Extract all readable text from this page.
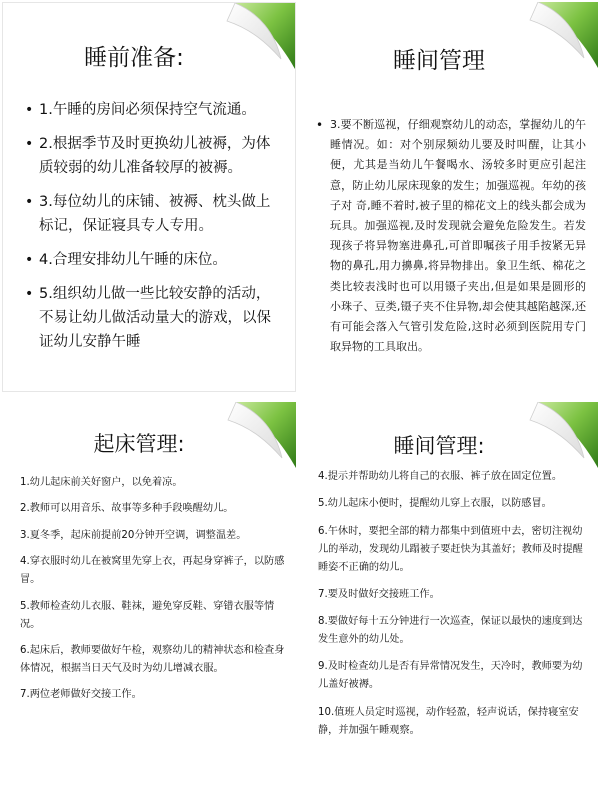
睡前准备:
• 1.午睡的房间必须保持空气流通。
• 2.根据季节及时更换幼儿被褥，为体质较弱的幼儿准备较厚的被褥。
• 3.每位幼儿的床铺、被褥、枕头做上标记，保证寝具专人专用。
• 4.合理安排幼儿午睡的床位。
• 5.组织幼儿做一些比较安静的活动，不易让幼儿做活动量大的游戏，以保证幼儿安静午睡
睡间管理

• 3.要不断巡视，仔细观察幼儿的动态，掌握幼儿的午睡情况。如：对个别尿频幼儿要及时叫醒，让其小便，尤其是当幼儿午餐喝水、汤较多时更应引起注意，防止幼儿尿床现象的发生；加强巡视。年幼的孩子对 奇,睡不着时,被子里的棉花文上的线头都会成为玩具。加强巡视,及时发现就会避免危险发生。若发现孩子将异物塞进鼻孔,可首即嘱孩子用手按紧无异物的鼻孔,用力擤鼻,将异物排出。象卫生纸、棉花之类比较表浅时也可以用镊子夹出,但是如果是圆形的小珠子、豆类,镊子夹不住异物,却会使其越陷越深,还有可能会落入气管引发危险,这时必须到医院用专门取异物的工具取出。

起床管理:
1.幼儿起床前关好窗户，以免着凉。
2.教师可以用音乐、故事等多种手段唤醒幼儿。
3.夏冬季，起床前提前20分钟开空调，调整温差。
4.穿衣服时幼儿在被窝里先穿上衣，再起身穿裤子，以防感冒。
5.教师检查幼儿衣服、鞋袜，避免穿反鞋、穿错衣服等情况。
6.起床后，教师要做好午检，观察幼儿的精神状态和检查身体情况，根据当日天气及时为幼儿增减衣服。
7.两位老师做好交接工作。
睡间管理:
4.提示并帮助幼儿将自己的衣服、裤子放在固定位置。
5.幼儿起床小便时，提醒幼儿穿上衣服，以防感冒。
6.午休时，要把全部的精力都集中到值班中去，密切注视幼儿的举动，发现幼儿蹋被子要赶快为其盖好；教师及时提醒睡姿不正确的幼儿。
7.要及时做好交接班工作。
8.要做好每十五分钟进行一次巡查，保证以最快的速度到达发生意外的幼儿处。
9.及时检查幼儿是否有异常情况发生，天冷时，教师要为幼儿盖好被褥。
10.值班人员定时巡视，动作轻盈，轻声说话，保持寝室安静，并加强午睡观察。
